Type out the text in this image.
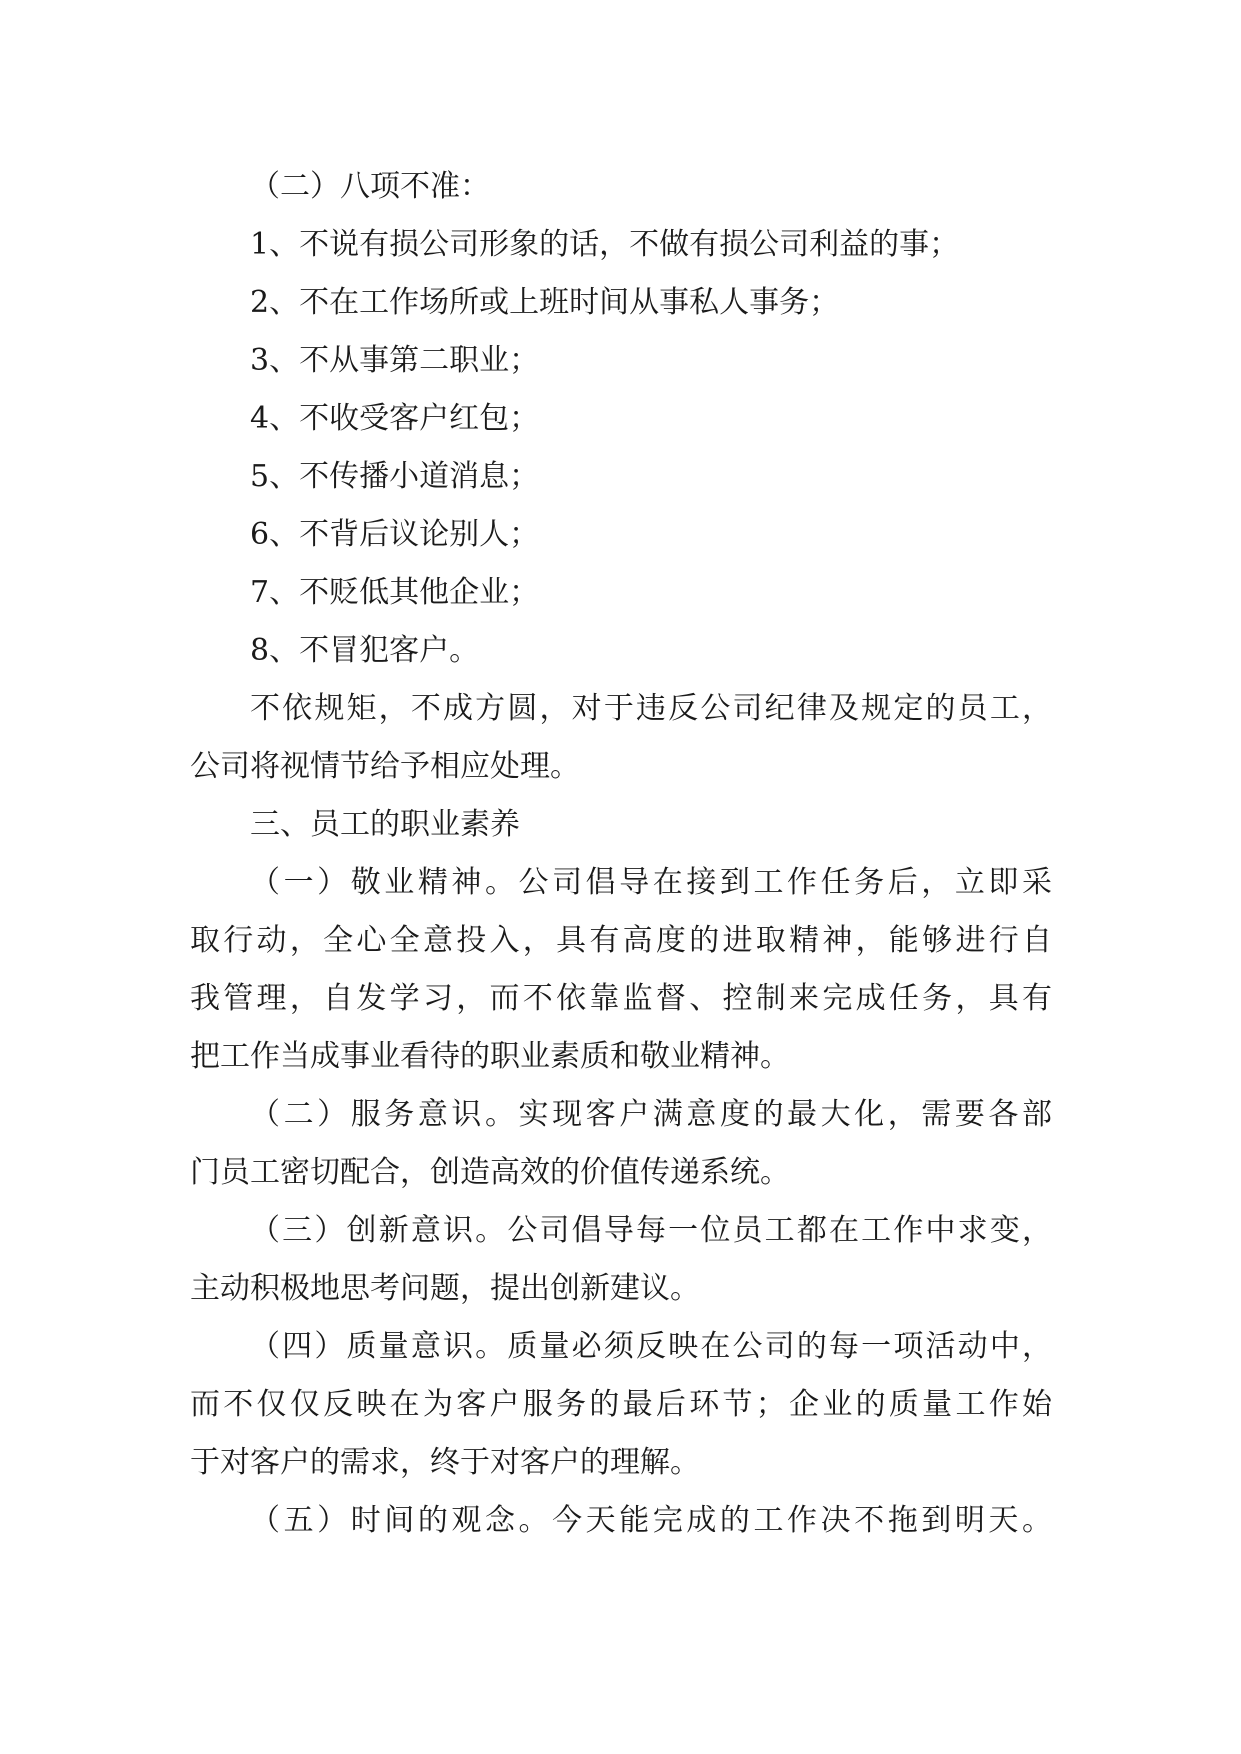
（二）八项不准：
1、不说有损公司形象的话，不做有损公司利益的事；
2、不在工作场所或上班时间从事私人事务；
3、不从事第二职业；
4、不收受客户红包；
5、不传播小道消息；
6、不背后议论别人；
7、不贬低其他企业；
8、不冒犯客户。
不依规矩，不成方圆，对于违反公司纪律及规定的员工，
公司将视情节给予相应处理。
三、员工的职业素养
（一）敬业精神。公司倡导在接到工作任务后，立即采
取行动，全心全意投入，具有高度的进取精神，能够进行自
我管理，自发学习，而不依靠监督、控制来完成任务，具有
把工作当成事业看待的职业素质和敬业精神。
（二）服务意识。实现客户满意度的最大化，需要各部
门员工密切配合，创造高效的价值传递系统。
（三）创新意识。公司倡导每一位员工都在工作中求变，
主动积极地思考问题，提出创新建议。
（四）质量意识。质量必须反映在公司的每一项活动中，
而不仅仅反映在为客户服务的最后环节；企业的质量工作始
于对客户的需求，终于对客户的理解。
（五）时间的观念。今天能完成的工作决不拖到明天。
